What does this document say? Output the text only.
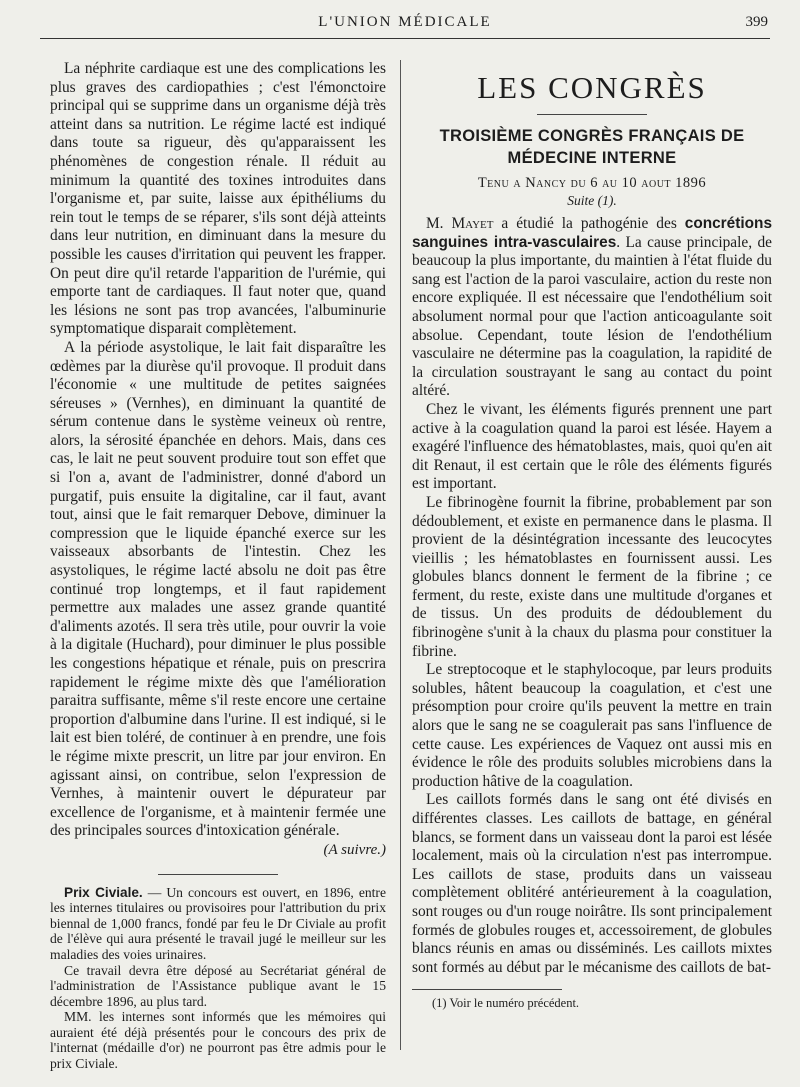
L'UNION MÉDICALE	399

La néphrite cardiaque est une des complications les plus graves des cardiopathies ; c'est l'émonctoire principal qui se supprime dans un organisme déjà très atteint dans sa nutrition. Le régime lacté est indiqué dans toute sa rigueur, dès qu'apparaissent les phénomènes de congestion rénale. Il réduit au minimum la quantité des toxines introduites dans l'organisme et, par suite, laisse aux épithéliums du rein tout le temps de se réparer, s'ils sont déjà atteints dans leur nutrition, en diminuant dans la mesure du possible les causes d'irritation qui peuvent les frapper. On peut dire qu'il retarde l'apparition de l'urémie, qui emporte tant de cardiaques. Il faut noter que, quand les lésions ne sont pas trop avancées, l'albuminurie symptomatique disparait complètement.

A la période asystolique, le lait fait disparaître les œdèmes par la diurèse qu'il provoque. Il produit dans l'économie « une multitude de petites saignées séreuses » (Vernhes), en diminuant la quantité de sérum contenue dans le système veineux où rentre, alors, la sérosité épanchée en dehors. Mais, dans ces cas, le lait ne peut souvent produire tout son effet que si l'on a, avant de l'administrer, donné d'abord un purgatif, puis ensuite la digitaline, car il faut, avant tout, ainsi que le fait remarquer Debove, diminuer la compression que le liquide épanché exerce sur les vaisseaux absorbants de l'intestin. Chez les asystoliques, le régime lacté absolu ne doit pas être continué trop longtemps, et il faut rapidement permettre aux malades une assez grande quantité d'aliments azotés. Il sera très utile, pour ouvrir la voie à la digitale (Huchard), pour diminuer le plus possible les congestions hépatique et rénale, puis on prescrira rapidement le régime mixte dès que l'amélioration paraitra suffisante, même s'il reste encore une certaine proportion d'albumine dans l'urine. Il est indiqué, si le lait est bien toléré, de continuer à en prendre, une fois le régime mixte prescrit, un litre par jour environ. En agissant ainsi, on contribue, selon l'expression de Vernhes, à maintenir ouvert le dépurateur par excellence de l'organisme, et à maintenir fermée une des principales sources d'intoxication générale.

(A suivre.)

Prix Civiale. — Un concours est ouvert, en 1896, entre les internes titulaires ou provisoires pour l'attribution du prix biennal de 1,000 francs, fondé par feu le Dr Civiale au profit de l'élève qui aura présenté le travail jugé le meilleur sur les maladies des voies urinaires.

Ce travail devra être déposé au Secrétariat général de l'administration de l'Assistance publique avant le 15 décembre 1896, au plus tard.

MM. les internes sont informés que les mémoires qui auraient été déjà présentés pour le concours des prix de l'internat (médaille d'or) ne pourront pas être admis pour le prix Civiale.

LES CONGRÈS
TROISIÈME CONGRÈS FRANÇAIS DE MÉDECINE INTERNE
Tenu a Nancy du 6 au 10 aout 1896
Suite (1).

M. Mayet a étudié la pathogénie des concrétions sanguines intra-vasculaires. La cause principale, de beaucoup la plus importante, du maintien à l'état fluide du sang est l'action de la paroi vasculaire, action du reste non encore expliquée. Il est nécessaire que l'endothélium soit absolument normal pour que l'action anticoagulante soit absolue. Cependant, toute lésion de l'endothélium vasculaire ne détermine pas la coagulation, la rapidité de la circulation soustrayant le sang au contact du point altéré.

Chez le vivant, les éléments figurés prennent une part active à la coagulation quand la paroi est lésée. Hayem a exagéré l'influence des hématoblastes, mais, quoi qu'en ait dit Renaut, il est certain que le rôle des éléments figurés est important.

Le fibrinogène fournit la fibrine, probablement par son dédoublement, et existe en permanence dans le plasma. Il provient de la désintégration incessante des leucocytes vieillis ; les hématoblastes en fournissent aussi. Les globules blancs donnent le ferment de la fibrine ; ce ferment, du reste, existe dans une multitude d'organes et de tissus. Un des produits de dédoublement du fibrinogène s'unit à la chaux du plasma pour constituer la fibrine.

Le streptocoque et le staphylocoque, par leurs produits solubles, hâtent beaucoup la coagulation, et c'est une présomption pour croire qu'ils peuvent la mettre en train alors que le sang ne se coagulerait pas sans l'influence de cette cause. Les expériences de Vaquez ont aussi mis en évidence le rôle des produits solubles microbiens dans la production hâtive de la coagulation.

Les caillots formés dans le sang ont été divisés en différentes classes. Les caillots de battage, en général blancs, se forment dans un vaisseau dont la paroi est lésée localement, mais où la circulation n'est pas interrompue. Les caillots de stase, produits dans un vaisseau complètement oblitéré antérieurement à la coagulation, sont rouges ou d'un rouge noirâtre. Ils sont principalement formés de globules rouges et, accessoirement, de globules blancs réunis en amas ou disséminés. Les caillots mixtes sont formés au début par le mécanisme des caillots de bat-

(1) Voir le numéro précédent.
